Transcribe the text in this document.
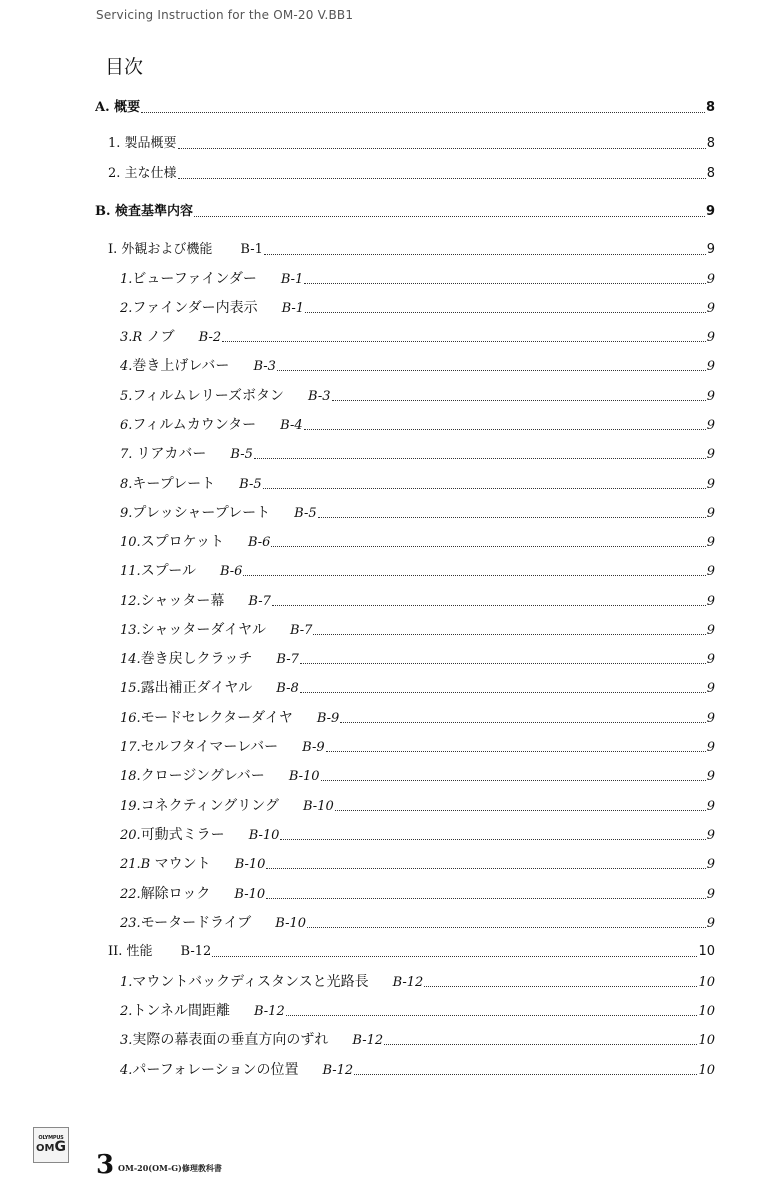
Servicing Instruction for the OM-20 V.BB1
目次
A. 概要	8
1. 製品概要	8
2. 主な仕様	8
B. 検査基準内容	9
I. 外観および機能 B-1	9
1.ビューファインダー B-1	9
2.ファインダー内表示 B-1	9
3.R ノブ B-2	9
4.巻き上げレバー B-3	9
5.フィルムレリーズボタン B-3	9
6.フィルムカウンター B-4	9
7. リアカバー B-5	9
8.キープレート B-5	9
9.プレッシャープレート B-5	9
10.スプロケット B-6	9
11.スプール B-6	9
12.シャッター幕 B-7	9
13.シャッターダイヤル B-7	9
14.巻き戻しクラッチ B-7	9
15.露出補正ダイヤル B-8	9
16.モードセレクターダイヤ B-9	9
17.セルフタイマーレバー B-9	9
18.クロージングレバー B-10	9
19.コネクティングリング B-10	9
20.可動式ミラー B-10	9
21.B マウント B-10	9
22.解除ロック B-10	9
23.モータードライブ B-10	9
II. 性能 B-12	10
1.マウントバックディスタンスと光路長 B-12	10
2.トンネル間距離 B-12	10
3.実際の幕表面の垂直方向のずれ B-12	10
4.パーフォレーションの位置 B-12	10
OLYMPUS
OMG
3 OM-20(OM-G)修理教科書
